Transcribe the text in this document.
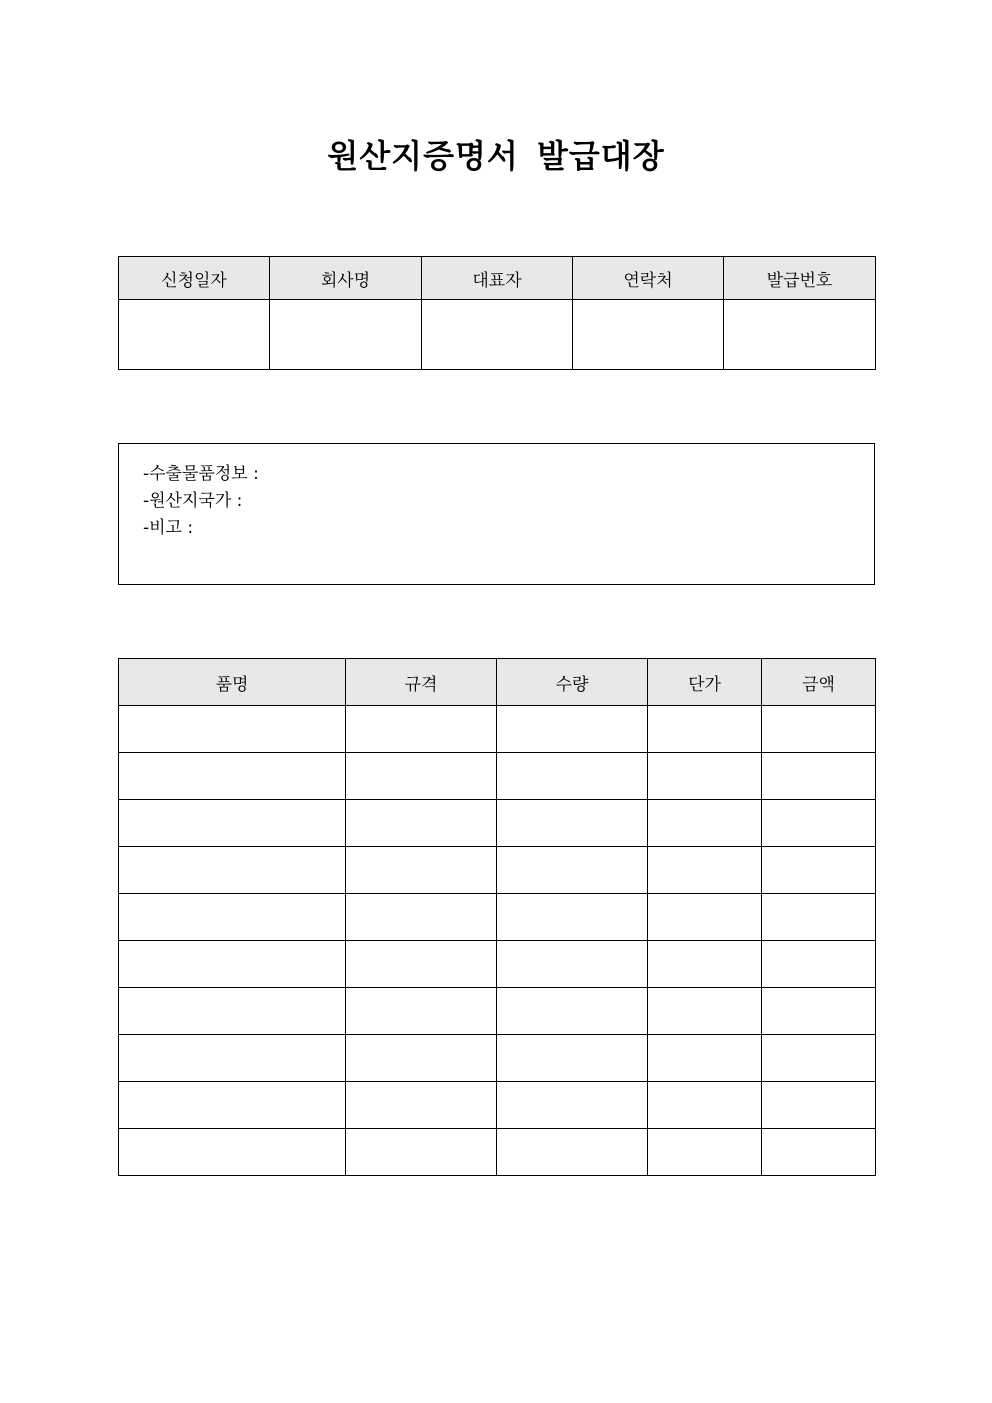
원산지증명서 발급대장
신청일자	회사명	대표자	연락처	발급번호

-수출물품정보 :
-원산지국가 :
-비고 :
품명	규격	수량	단가	금액
